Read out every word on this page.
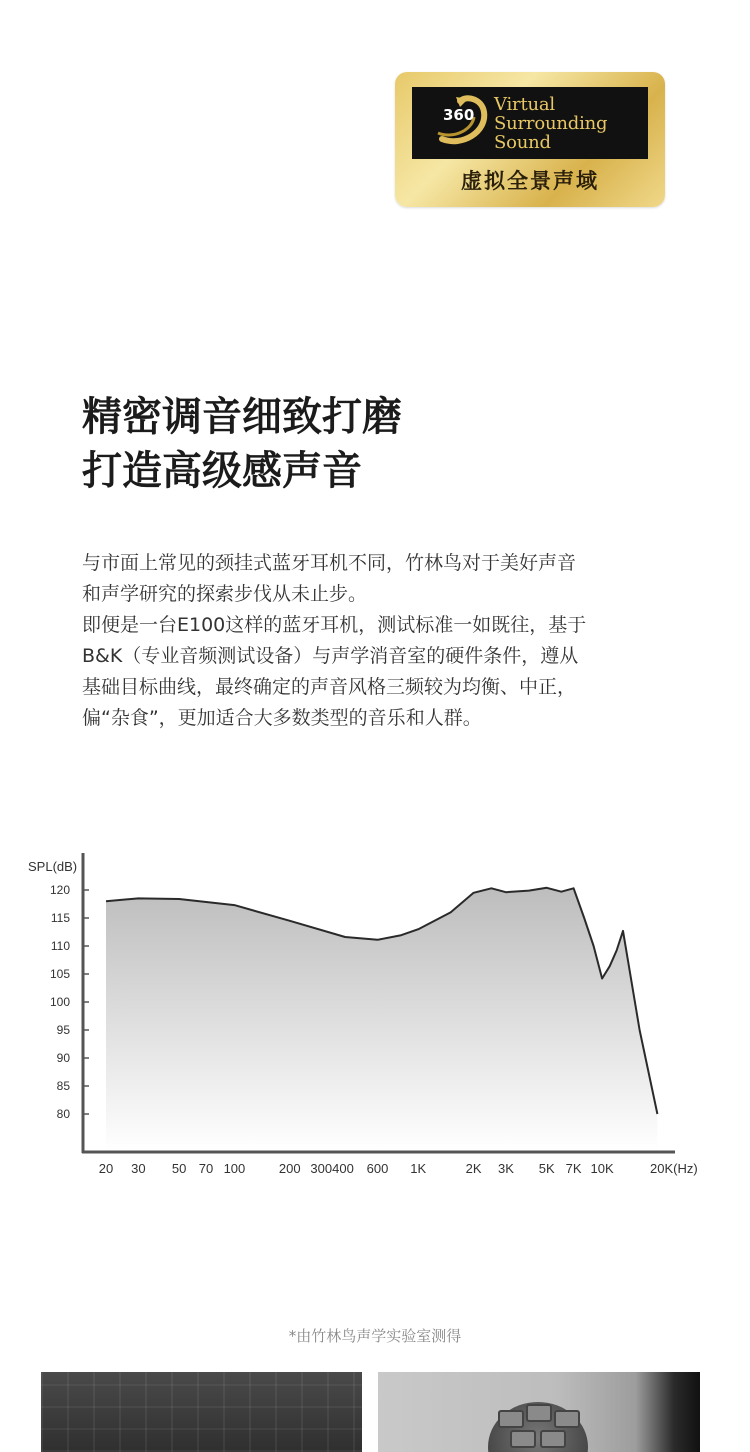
360
Virtual
Surrounding
Sound
虚拟全景声域
精密调音细致打磨
打造高级感声音
与市面上常见的颈挂式蓝牙耳机不同，竹林鸟对于美好声音
和声学研究的探索步伐从未止步。
即便是一台E100这样的蓝牙耳机，测试标准一如既往，基于
B&K（专业音频测试设备）与声学消音室的硬件条件，遵从
基础目标曲线，最终确定的声音风格三频较为均衡、中正，
偏“杂食”，更加适合大多数类型的音乐和人群。
SPL(dB)
80
85
90
95
100
105
110
115
120
20 30 50 70 100	200 300400 600 1K	2K 3K 5K 7K 10K	20K(Hz)
*由竹林鸟声学实验室测得
